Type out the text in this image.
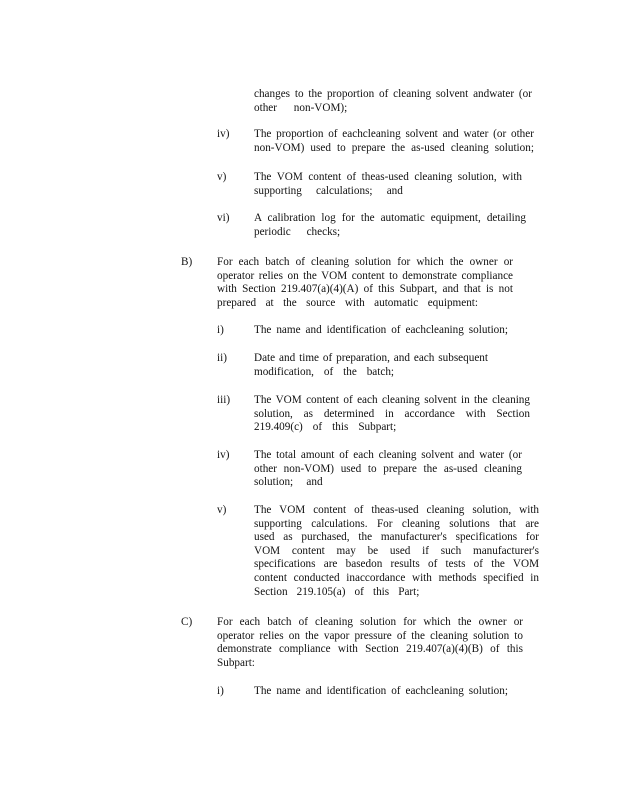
changes to the proportion of cleaning solvent andwater (or
other non-VOM);
iv) The proportion of eachcleaning solvent and water (or other
non-VOM) used to prepare the as-used cleaning solution;
v) The VOM content of theas-used cleaning solution, with
supporting calculations; and
vi) A calibration log for the automatic equipment, detailing
periodic checks;
B) For each batch of cleaning solution for which the owner or
operator relies on the VOM content to demonstrate compliance
with Section 219.407(a)(4)(A) of this Subpart, and that is not
prepared at the source with automatic equipment:
i)	The name and identification of eachcleaning solution;
ii) Date and time of preparation, and each subsequent
modification, of the batch;
iii) The VOM content of each cleaning solvent in the cleaning
solution, as determined in accordance with Section
219.409(c) of this Subpart;
iv) The total amount of each cleaning solvent and water (or
other non-VOM) used to prepare the as-used cleaning
solution; and
v) The VOM content of theas-used cleaning solution, with
supporting calculations. For cleaning solutions that are
used as purchased, the manufacturer's specifications for
VOM content may be used if such manufacturer's
specifications are basedon results of tests of the VOM
content conducted inaccordance with methods specified in
Section 219.105(a) of this Part;
C) For each batch of cleaning solution for which the owner or
operator relies on the vapor pressure of the cleaning solution to
demonstrate compliance with Section 219.407(a)(4)(B) of this
Subpart:
i)	The name and identification of eachcleaning solution;
